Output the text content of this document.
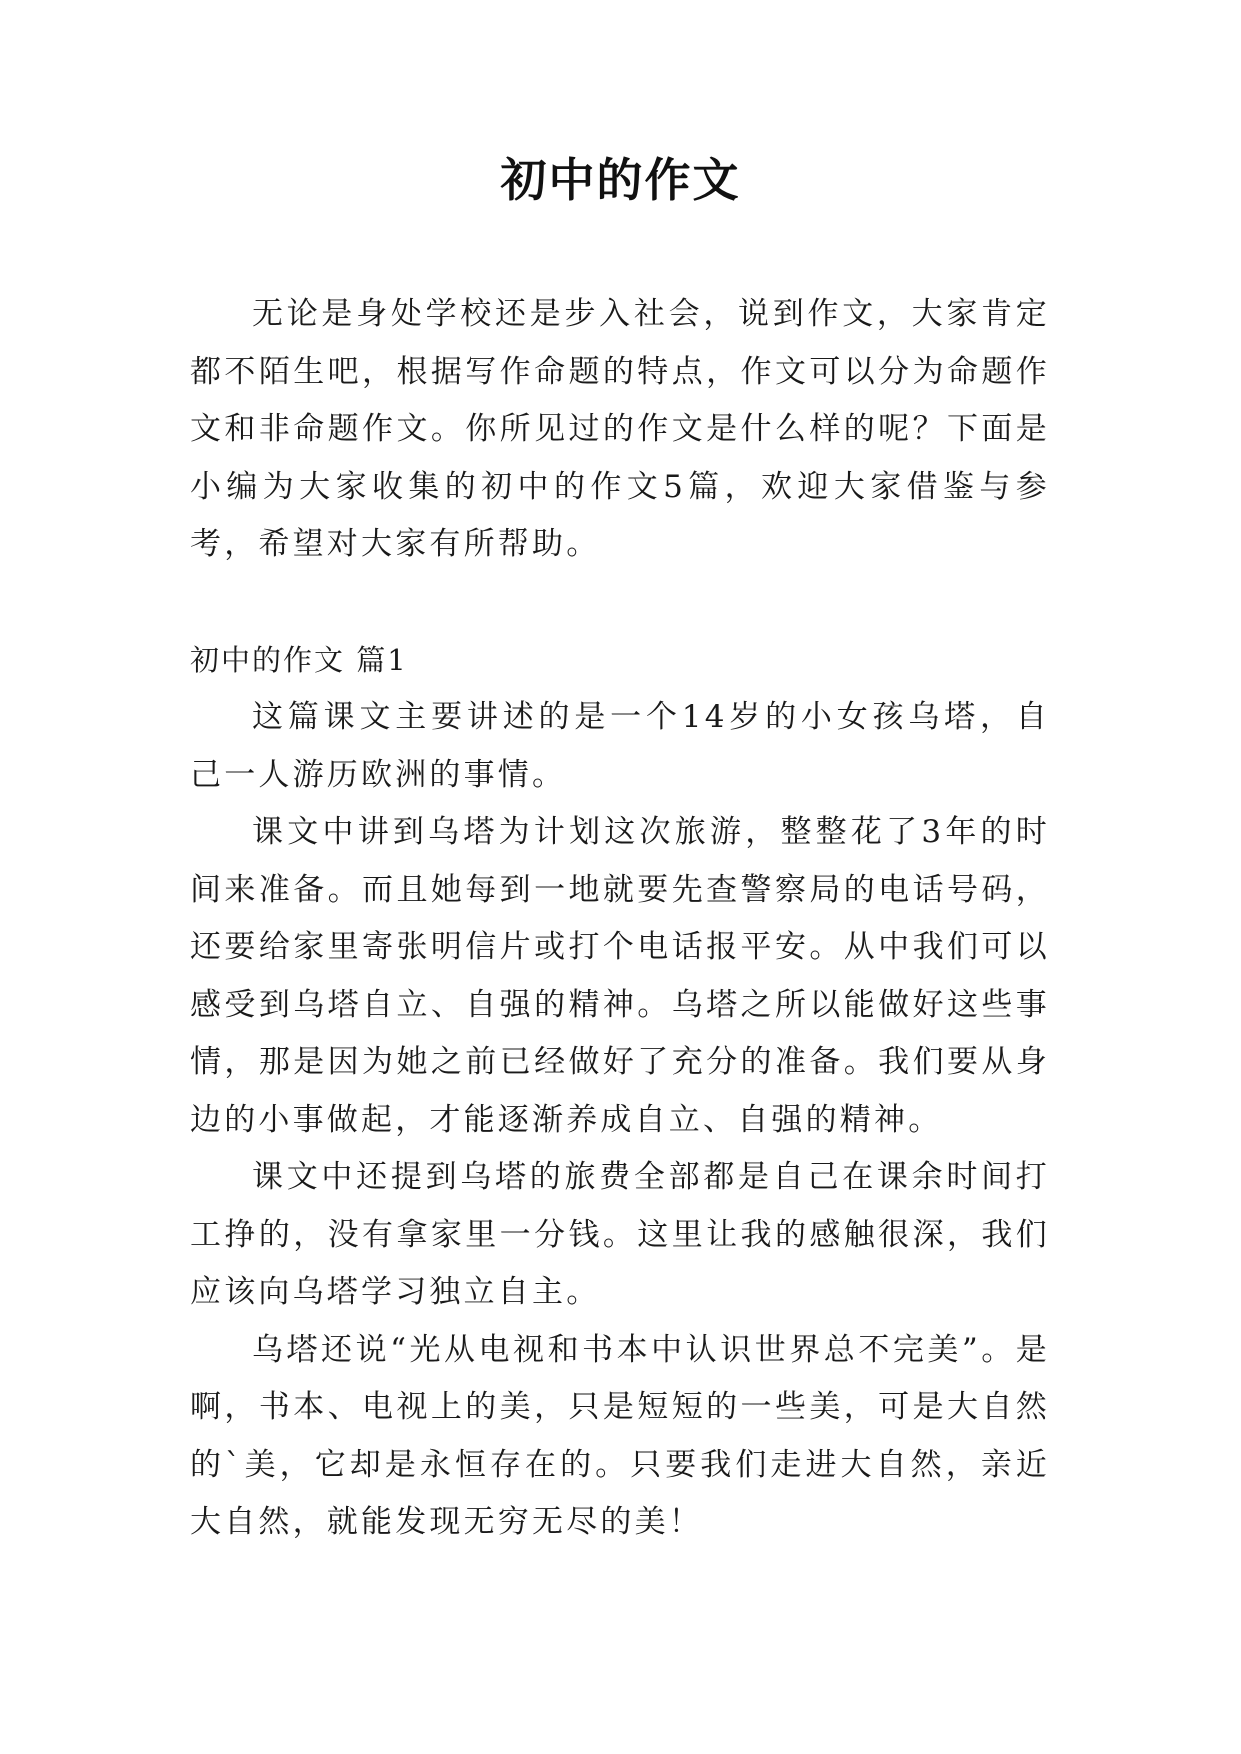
初中的作文

无论是身处学校还是步入社会，说到作文，大家肯定都不陌生吧，根据写作命题的特点，作文可以分为命题作文和非命题作文。你所见过的作文是什么样的呢？下面是小编为大家收集的初中的作文5篇，欢迎大家借鉴与参考，希望对大家有所帮助。

初中的作文 篇1

这篇课文主要讲述的是一个14岁的小女孩乌塔，自己一人游历欧洲的事情。

课文中讲到乌塔为计划这次旅游，整整花了3年的时间来准备。而且她每到一地就要先查警察局的电话号码，还要给家里寄张明信片或打个电话报平安。从中我们可以感受到乌塔自立、自强的精神。乌塔之所以能做好这些事情，那是因为她之前已经做好了充分的准备。我们要从身边的小事做起，才能逐渐养成自立、自强的精神。

课文中还提到乌塔的旅费全部都是自己在课余时间打工挣的，没有拿家里一分钱。这里让我的感触很深，我们应该向乌塔学习独立自主。

乌塔还说“光从电视和书本中认识世界总不完美”。是啊，书本、电视上的美，只是短短的一些美，可是大自然的`美，它却是永恒存在的。只要我们走进大自然，亲近大自然，就能发现无穷无尽的美！
